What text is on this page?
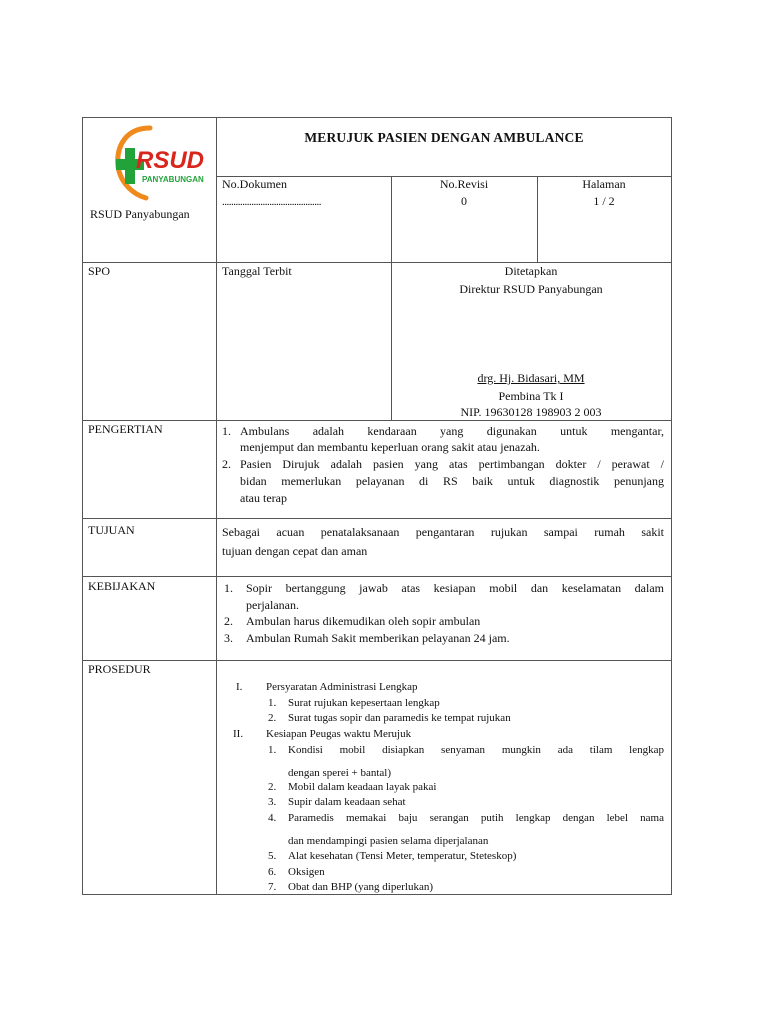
RSUD
PANYABUNGAN
RSUD Panyabungan
MERUJUK PASIEN DENGAN AMBULANCE
No.Dokumen
............................................
No.Revisi
0
Halaman
1 / 2
SPO	Tanggal Terbit	Ditetapkan
Direktur RSUD Panyabungan
drg. Hj. Bidasari, MM
Pembina Tk I
NIP. 19630128 198903 2 003
PENGERTIAN	1. Ambulans adalah kendaraan yang digunakan untuk mengantar,
menjemput dan membantu keperluan orang sakit atau jenazah.
2. Pasien Dirujuk adalah pasien yang atas pertimbangan dokter / perawat /
bidan memerlukan pelayanan di RS baik untuk diagnostik penunjang
atau terap
TUJUAN	Sebagai acuan penatalaksanaan pengantaran rujukan sampai rumah sakit
tujuan dengan cepat dan aman
KEBIJAKAN	1. Sopir bertanggung jawab atas kesiapan mobil dan keselamatan dalam
perjalanan.
2. Ambulan harus dikemudikan oleh sopir ambulan
3. Ambulan Rumah Sakit memberikan pelayanan 24 jam.
PROSEDUR
I. Persyaratan Administrasi Lengkap
1. Surat rujukan kepesertaan lengkap
2. Surat tugas sopir dan paramedis ke tempat rujukan
II. Kesiapan Peugas waktu Merujuk
1. Kondisi mobil disiapkan senyaman mungkin ada tilam lengkap
dengan sperei + bantal)
2. Mobil dalam keadaan layak pakai
3. Supir dalam keadaan sehat
4. Paramedis memakai baju serangan putih lengkap dengan lebel nama
dan mendampingi pasien selama diperjalanan
5. Alat kesehatan (Tensi Meter, temperatur, Steteskop)
6. Oksigen
7. Obat dan BHP (yang diperlukan)
